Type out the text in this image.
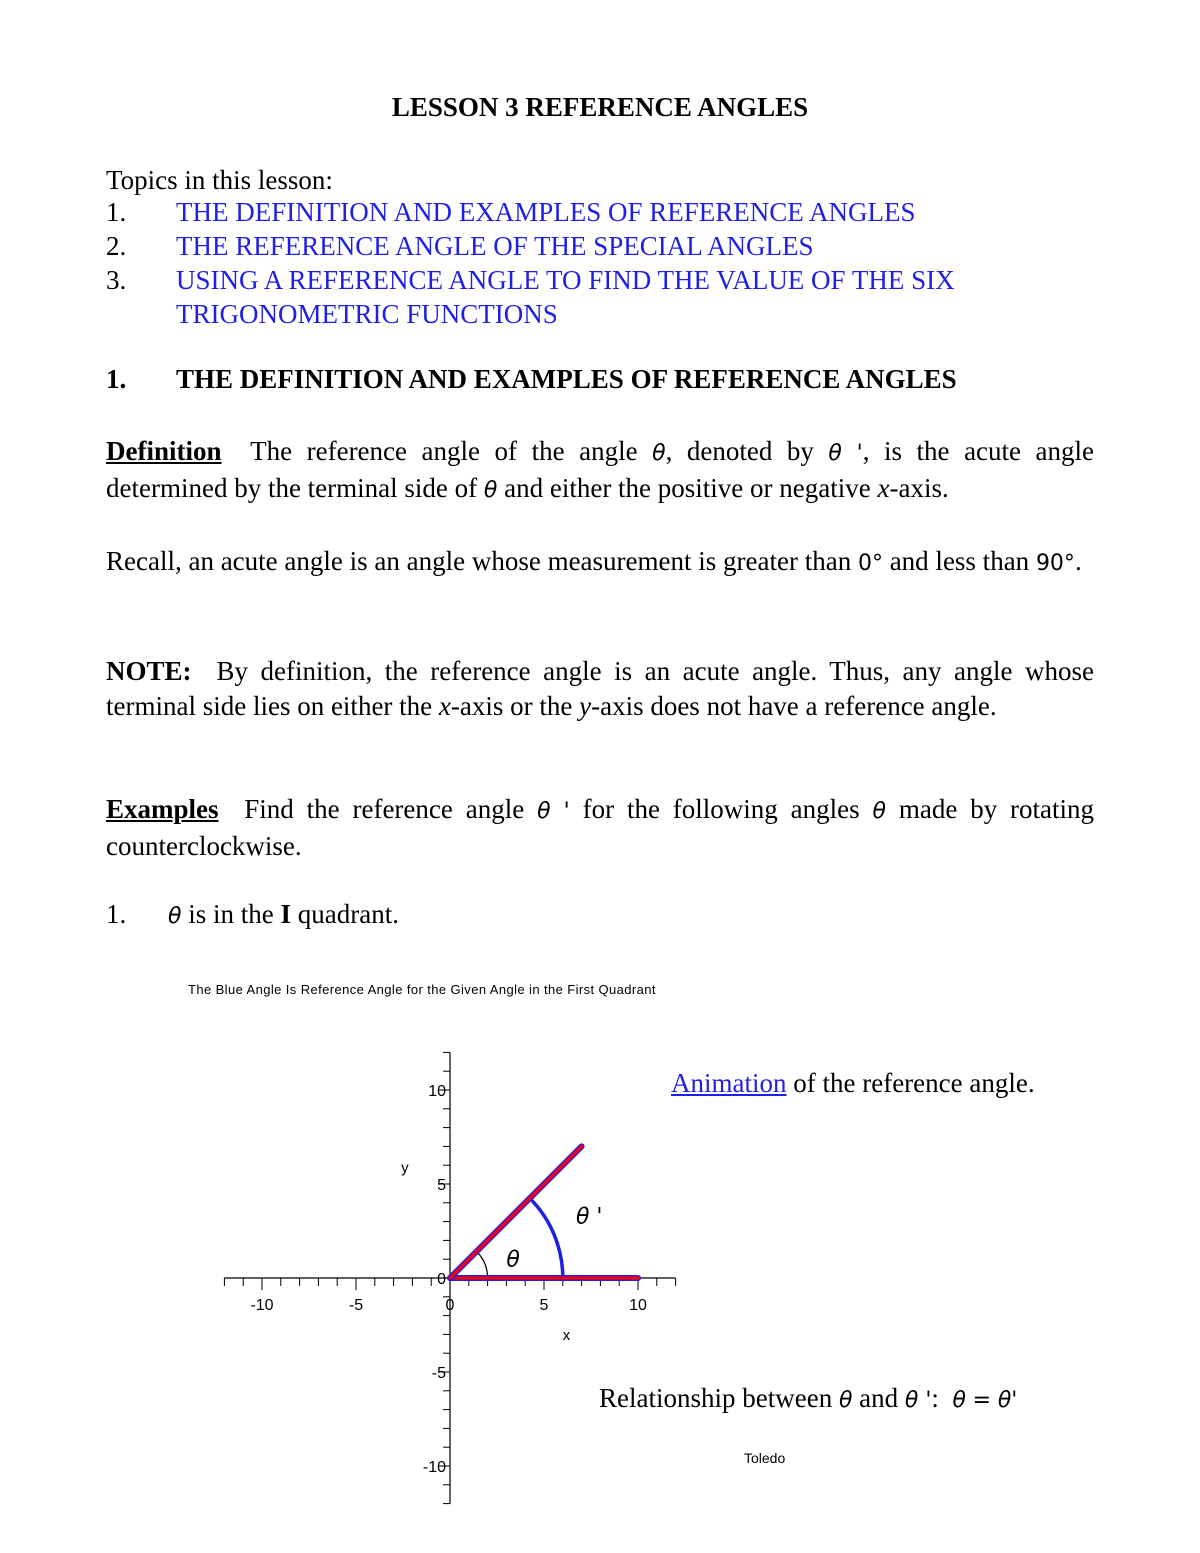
LESSON 3 REFERENCE ANGLES
Topics in this lesson:
1. THE DEFINITION AND EXAMPLES OF REFERENCE ANGLES
2. THE REFERENCE ANGLE OF THE SPECIAL ANGLES
3. USING A REFERENCE ANGLE TO FIND THE VALUE OF THE SIX
TRIGONOMETRIC FUNCTIONS
1. THE DEFINITION AND EXAMPLES OF REFERENCE ANGLES
Definition The reference angle of the angle θ, denoted by θ ', is the acute angle determined by the terminal side of θ and either the positive or negative x-axis.
Recall, an acute angle is an angle whose measurement is greater than 0° and less than 90°.
NOTE: By definition, the reference angle is an acute angle. Thus, any angle whose terminal side lies on either the x-axis or the y-axis does not have a reference angle.
Examples Find the reference angle θ ' for the following angles θ made by rotating counterclockwise.
1. θ is in the I quadrant.
The Blue Angle Is Reference Angle for the Given Angle in the First Quadrant
-10	-5	0	5	10
10
5
0
-5
-10
x
y
θ
θ '
Animation of the reference angle.
Relationship between θ and θ ': θ = θ'
Toledo
